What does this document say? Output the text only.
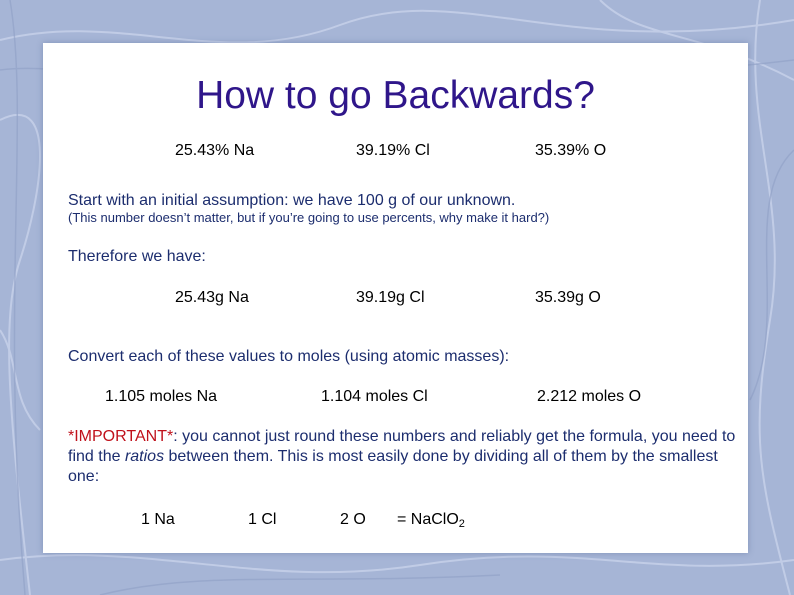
How to go Backwards?
25.43% Na	39.19% Cl	35.39% O
Start with an initial assumption: we have 100 g of our unknown.
(This number doesn’t matter, but if you’re going to use percents, why make it hard?)
Therefore we have:
25.43g Na	39.19g Cl	35.39g O
Convert each of these values to moles (using atomic masses):
1.105 moles Na	1.104 moles Cl	2.212 moles O
*IMPORTANT*: you cannot just round these numbers and reliably get the formula, you need to find the ratios between them. This is most easily done by dividing all of them by the smallest one:
1 Na	1 Cl	2 O = NaClO$_2$
